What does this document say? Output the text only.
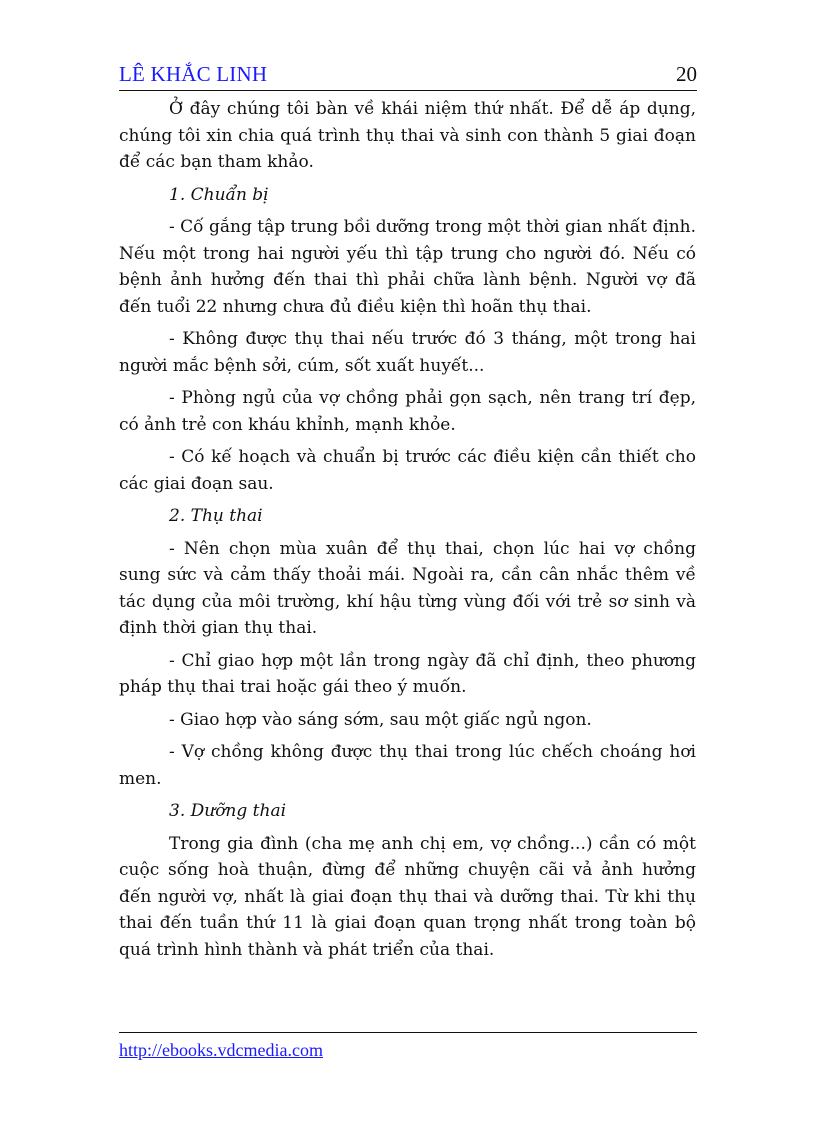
LÊ KHẮC LINH	20

Ở đây chúng tôi bàn về khái niệm thứ nhất. Để dễ áp dụng, chúng tôi xin chia quá trình thụ thai và sinh con thành 5 giai đoạn để các bạn tham khảo.

1. Chuẩn bị

- Cố gắng tập trung bồi dưỡng trong một thời gian nhất định. Nếu một trong hai người yếu thì tập trung cho người đó. Nếu có bệnh ảnh hưởng đến thai thì phải chữa lành bệnh. Người vợ đã đến tuổi 22 nhưng chưa đủ điều kiện thì hoãn thụ thai.

- Không được thụ thai nếu trước đó 3 tháng, một trong hai người mắc bệnh sởi, cúm, sốt xuất huyết...

- Phòng ngủ của vợ chồng phải gọn sạch, nên trang trí đẹp, có ảnh trẻ con kháu khỉnh, mạnh khỏe.

- Có kế hoạch và chuẩn bị trước các điều kiện cần thiết cho các giai đoạn sau.

2. Thụ thai

- Nên chọn mùa xuân để thụ thai, chọn lúc hai vợ chồng sung sức và cảm thấy thoải mái. Ngoài ra, cần cân nhắc thêm về tác dụng của môi trường, khí hậu từng vùng đối với trẻ sơ sinh và định thời gian thụ thai.

- Chỉ giao hợp một lần trong ngày đã chỉ định, theo phương pháp thụ thai trai hoặc gái theo ý muốn.

- Giao hợp vào sáng sớm, sau một giấc ngủ ngon.

- Vợ chồng không được thụ thai trong lúc chếch choáng hơi men.

3. Dưỡng thai

Trong gia đình (cha mẹ anh chị em, vợ chồng...) cần có một cuộc sống hoà thuận, đừng để những chuyện cãi vả ảnh hưởng đến người vợ, nhất là giai đoạn thụ thai và dưỡng thai. Từ khi thụ thai đến tuần thứ 11 là giai đoạn quan trọng nhất trong toàn bộ quá trình hình thành và phát triển của thai.

http://ebooks.vdcmedia.com
